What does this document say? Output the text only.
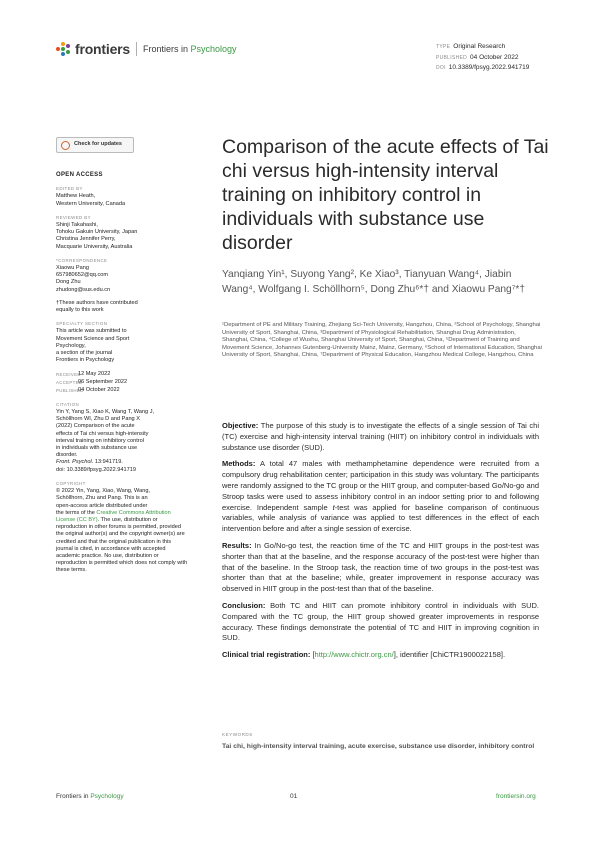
frontiers Frontiers in Psychology	TYPE Original Research
PUBLISHED 04 October 2022
DOI 10.3389/fpsyg.2022.941719
Check for updates
OPEN ACCESS
EDITED BY
Matthew Heath,
Western University, Canada
REVIEWED BY
Shinji Takahashi,
Tohoku Gakuin University, Japan
Christina Jennifer Perry,
Macquarie University, Australia
*CORRESPONDENCE
Xiaowu Pang
657980652@qq.com
Dong Zhu
zhudong@sus.edu.cn
†These authors have contributed
equally to this work
SPECIALTY SECTION
This article was submitted to
Movement Science and Sport
Psychology,
a section of the journal
Frontiers in Psychology
RECEIVED
12 May 2022
ACCEPTED
06 September 2022
PUBLISHED
04 October 2022
CITATION
Yin Y, Yang S, Xiao K, Wang T, Wang J,
Schöllhorn WI, Zhu D and Pang X
(2022) Comparison of the acute
effects of Tai chi versus high-intensity
interval training on inhibitory control
in individuals with substance use
disorder.
Front. Psychol. 13:941719.
doi: 10.3389/fpsyg.2022.941719
COPYRIGHT
© 2022 Yin, Yang, Xiao, Wang, Wang,
Schöllhorn, Zhu and Pang. This is an
open-access article distributed under
the terms of the Creative Commons Attribution License (CC BY). The use, distribution or reproduction in other forums is permitted, provided the original author(s) and the copyright owner(s) are credited and that the original publication in this journal is cited, in accordance with accepted academic practice. No use, distribution or reproduction is permitted which does not comply with these terms.
Comparison of the acute effects of Tai chi versus high-intensity interval training on inhibitory control in individuals with substance use disorder
Yanqiang Yin¹, Suyong Yang², Ke Xiao³, Tianyuan Wang⁴, Jiabin Wang⁴, Wolfgang I. Schöllhorn⁵, Dong Zhu⁶*† and Xiaowu Pang⁷*†
¹Department of PE and Military Training, Zhejiang Sci-Tech University, Hangzhou, China, ²School of Psychology, Shanghai University of Sport, Shanghai, China, ³Department of Physiological Rehabilitation, Shanghai Drug Administration, Shanghai, China, ⁴College of Wushu, Shanghai University of Sport, Shanghai, China, ⁵Department of Training and Movement Science, Johannes Gutenberg-University Mainz, Mainz, Germany, ⁶School of International Education, Shanghai University of Sport, Shanghai, China, ⁷Department of Physical Education, Hangzhou Medical College, Hangzhou, China

Objective: The purpose of this study is to investigate the effects of a single session of Tai chi (TC) exercise and high-intensity interval training (HIIT) on inhibitory control in individuals with substance use disorder (SUD).

Methods: A total 47 males with methamphetamine dependence were recruited from a compulsory drug rehabilitation center; participation in this study was voluntary. The participants were randomly assigned to the TC group or the HIIT group, and computer-based Go/No-go and Stroop tasks were used to assess inhibitory control in an indoor setting prior to and following exercise. Independent sample t-test was applied for baseline comparison of continuous variables, while analysis of variance was applied to test differences in the effect of each intervention before and after a single session of exercise.

Results: In Go/No-go test, the reaction time of the TC and HIIT groups in the post-test was shorter than that at the baseline, and the response accuracy of the post-test were higher than that of the baseline. In the Stroop task, the reaction time of two groups in the post-test was shorter than that at the baseline; while, greater improvement in response accuracy was observed in HIIT group in the post-test than that of the baseline.

Conclusion: Both TC and HIIT can promote inhibitory control in individuals with SUD. Compared with the TC group, the HIIT group showed greater improvements in response accuracy. These findings demonstrate the potential of TC and HIIT in improving cognition in SUD.

Clinical trial registration: [http://www.chictr.org.cn/], identifier [ChiCTR1900022158].

KEYWORDS
Tai chi, high-intensity interval training, acute exercise, substance use disorder, inhibitory control
Frontiers in Psychology	01	frontiersin.org
